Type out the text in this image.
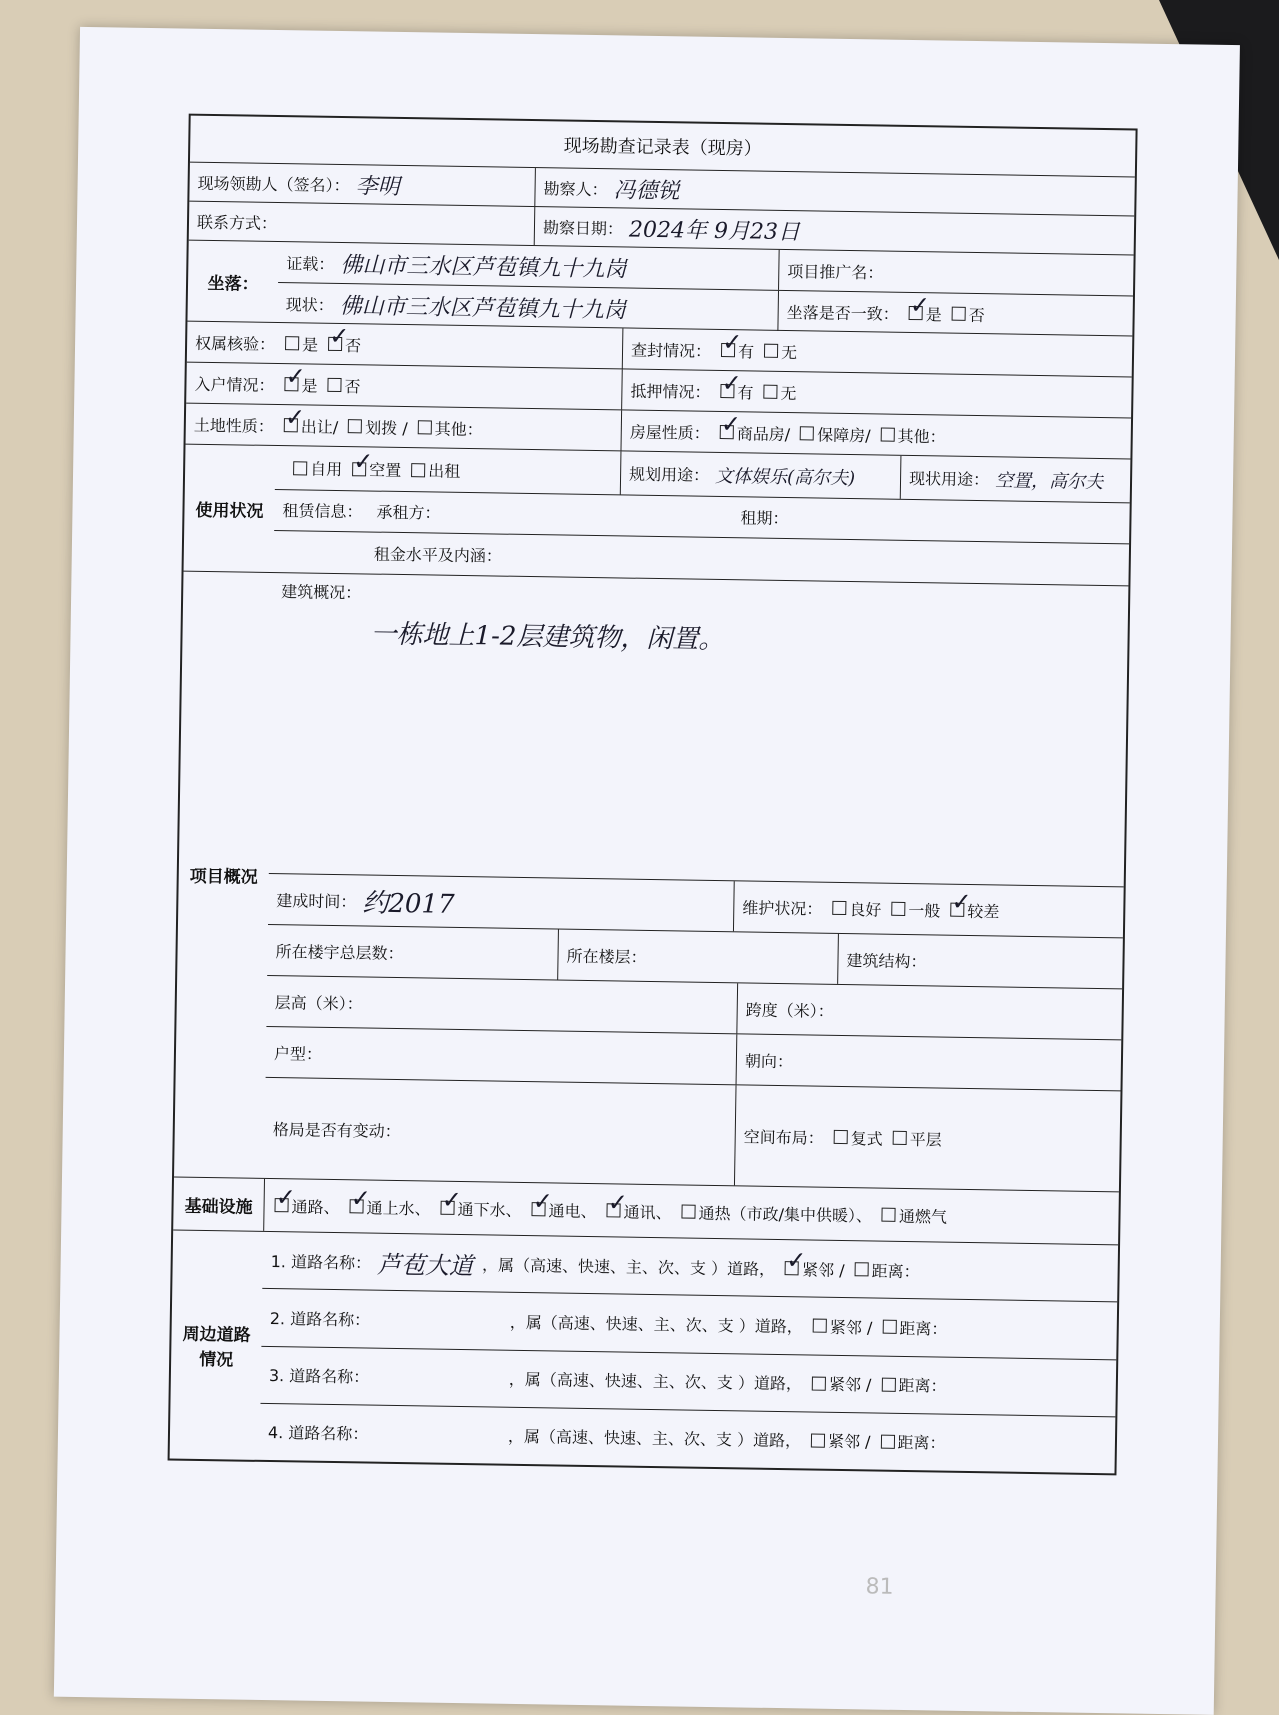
现场勘查记录表（现房）
现场领勘人（签名）： 李明	勘察人： 冯德锐
联系方式：	勘察日期： 2024年 9月23日
坐落：
证载： 佛山市三水区芦苞镇九十九岗	项目推广名：
现状： 佛山市三水区芦苞镇九十九岗	坐落是否一致： ✓ 是 否
权属核验： 是 ✓ 否	查封情况： ✓ 有 无
入户情况： ✓ 是 否	抵押情况： ✓ 有 无
土地性质： ✓ 出让/ 划拨 / 其他：	房屋性质： ✓ 商品房/ 保障房/ 其他：
使用状况
自用 ✓ 空置 出租	规划用途： 文体娱乐(高尔夫)	现状用途： 空置，高尔夫
租赁信息： 承租方：	租期：
租金水平及内涵：
项目概况
建筑概况：
一栋地上1-2层建筑物，闲置。
建成时间： 约2017	维护状况： 良好 一般 ✓ 较差
所在楼宇总层数：	所在楼层：	建筑结构：
层高（米）：	跨度（米）：
户型：	朝向：
格局是否有变动：	空间布局： 复式 平层
基础设施 ✓	通路、 ✓ 通上水、 ✓ 通下水、 ✓ 通电、 ✓ 通讯、 通热（市政/集中供暖）、 通燃气
周边道路情况
1. 道路名称： 芦苞大道 ，属（高速、快速、主、次、支 ）道路， ✓ 紧邻 / 距离：
2. 道路名称：	，属（高速、快速、主、次、支 ）道路， 紧邻 / 距离：
3. 道路名称：	，属（高速、快速、主、次、支 ）道路， 紧邻 / 距离：
4. 道路名称：	，属（高速、快速、主、次、支 ）道路， 紧邻 / 距离：
81
